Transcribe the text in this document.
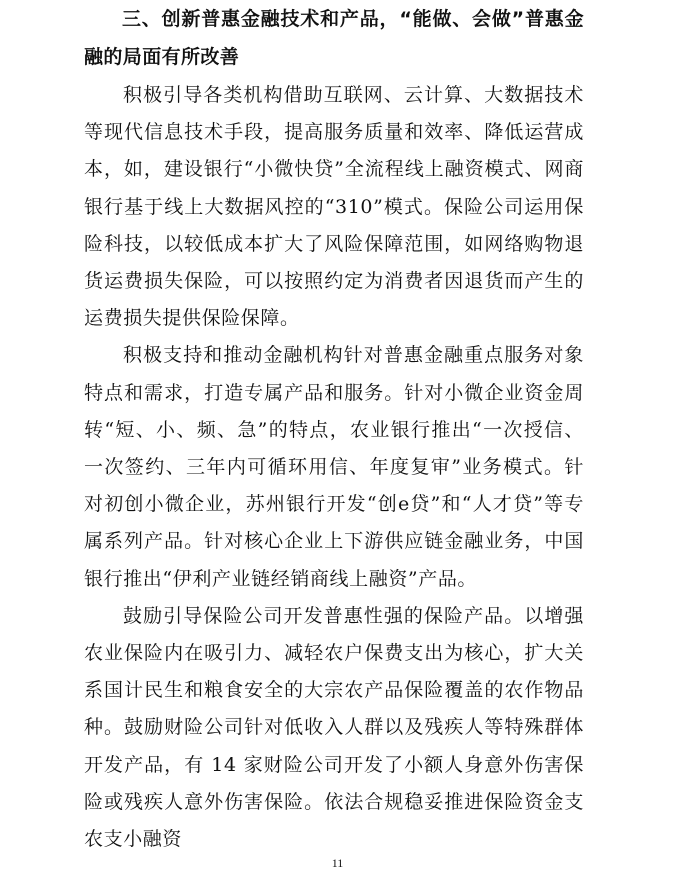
三、创新普惠金融技术和产品，“能做、会做”普惠金融的局面有所改善

积极引导各类机构借助互联网、云计算、大数据技术等现代信息技术手段，提高服务质量和效率、降低运营成本，如，建设银行“小微快贷”全流程线上融资模式、网商银行基于线上大数据风控的“310”模式。保险公司运用保险科技，以较低成本扩大了风险保障范围，如网络购物退货运费损失保险，可以按照约定为消费者因退货而产生的运费损失提供保险保障。

积极支持和推动金融机构针对普惠金融重点服务对象特点和需求，打造专属产品和服务。针对小微企业资金周转“短、小、频、急”的特点，农业银行推出“一次授信、一次签约、三年内可循环用信、年度复审”业务模式。针对初创小微企业，苏州银行开发“创e贷”和“人才贷”等专属系列产品。针对核心企业上下游供应链金融业务，中国银行推出“伊利产业链经销商线上融资”产品。

鼓励引导保险公司开发普惠性强的保险产品。以增强农业保险内在吸引力、减轻农户保费支出为核心，扩大关系国计民生和粮食安全的大宗农产品保险覆盖的农作物品种。鼓励财险公司针对低收入人群以及残疾人等特殊群体开发产品，有 14 家财险公司开发了小额人身意外伤害保险或残疾人意外伤害保险。依法合规稳妥推进保险资金支农支小融资

11
